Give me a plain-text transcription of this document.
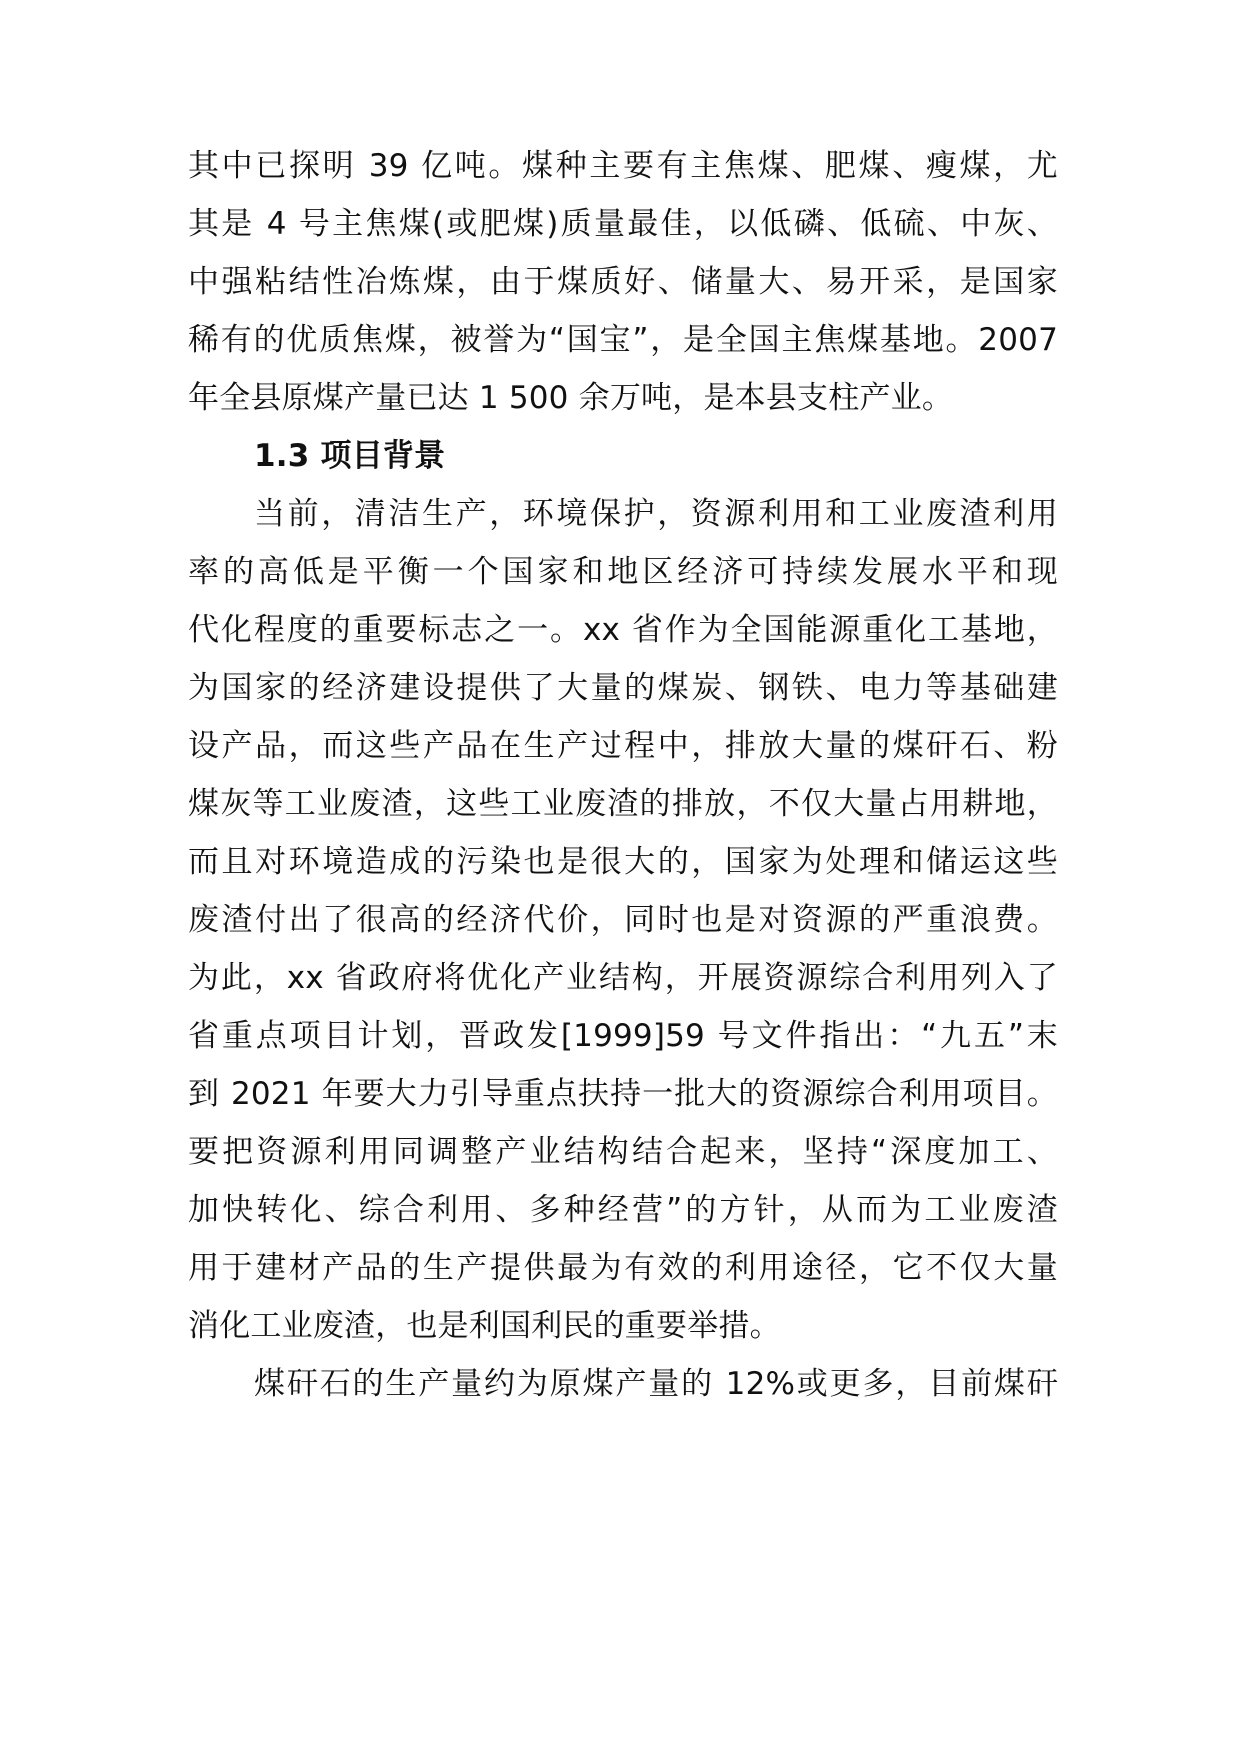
其中已探明 39 亿吨。煤种主要有主焦煤、肥煤、瘦煤，尤
其是 4 号主焦煤(或肥煤)质量最佳，以低磷、低硫、中灰、
中强粘结性冶炼煤，由于煤质好、储量大、易开采，是国家
稀有的优质焦煤，被誉为“国宝”，是全国主焦煤基地。2007
年全县原煤产量已达 1 500 余万吨，是本县支柱产业。
1.3 项目背景
当前，清洁生产，环境保护，资源利用和工业废渣利用
率的高低是平衡一个国家和地区经济可持续发展水平和现
代化程度的重要标志之一。xx 省作为全国能源重化工基地，
为国家的经济建设提供了大量的煤炭、钢铁、电力等基础建
设产品，而这些产品在生产过程中，排放大量的煤矸石、粉
煤灰等工业废渣，这些工业废渣的排放，不仅大量占用耕地，
而且对环境造成的污染也是很大的，国家为处理和储运这些
废渣付出了很高的经济代价，同时也是对资源的严重浪费。
为此，xx 省政府将优化产业结构，开展资源综合利用列入了
省重点项目计划，晋政发[1999]59 号文件指出：“九五”末
到 2021 年要大力引导重点扶持一批大的资源综合利用项目。
要把资源利用同调整产业结构结合起来，坚持“深度加工、
加快转化、综合利用、多种经营”的方针，从而为工业废渣
用于建材产品的生产提供最为有效的利用途径，它不仅大量
消化工业废渣，也是利国利民的重要举措。
煤矸石的生产量约为原煤产量的 12%或更多，目前煤矸
